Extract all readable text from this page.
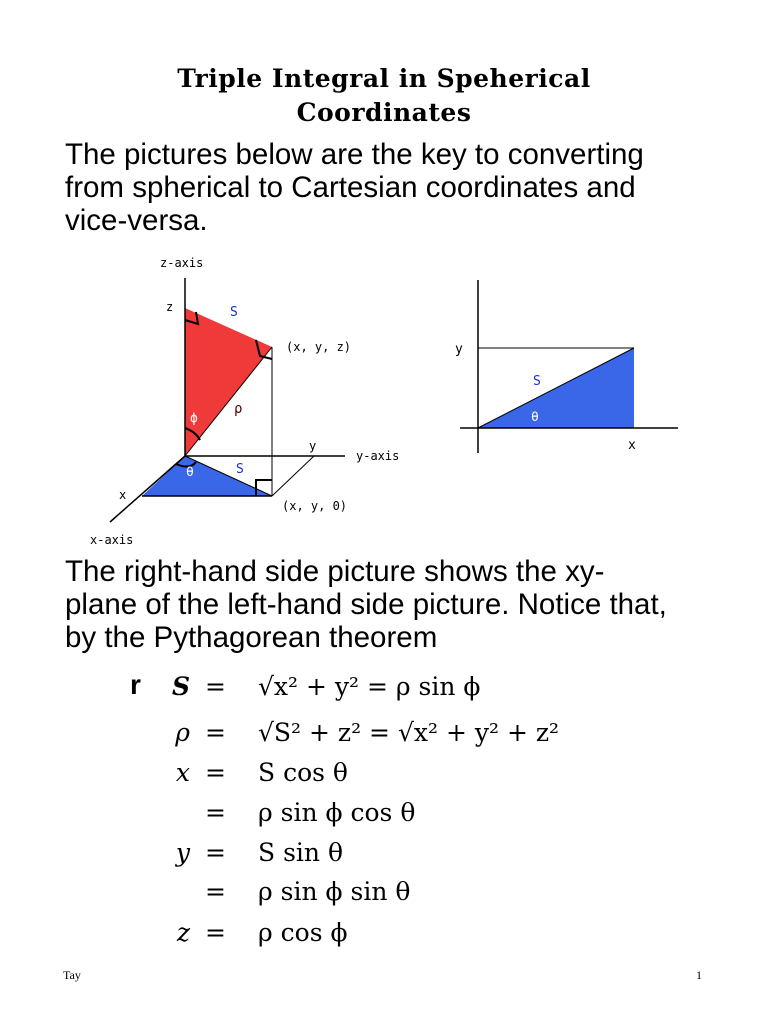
Triple Integral in Speherical
Coordinates
The pictures below are the key to converting
from spherical to Cartesian coordinates and
vice-versa.
z-axis
z	S
(x, y, z)
ρ
ϕ
y
y-axis
θ	S
x
(x, y, 0)
x-axis
y
S
θ
x
The right-hand side picture shows the xy-
plane of the left-hand side picture. Notice that,
by the Pythagorean theorem
r	S = √x² + y² = ρ sin ϕ
ρ = √S² + z² = √x² + y² + z²
x = S cos θ
= ρ sin ϕ cos θ
y = S sin θ
= ρ sin ϕ sin θ
z = ρ cos ϕ
Tay	1
